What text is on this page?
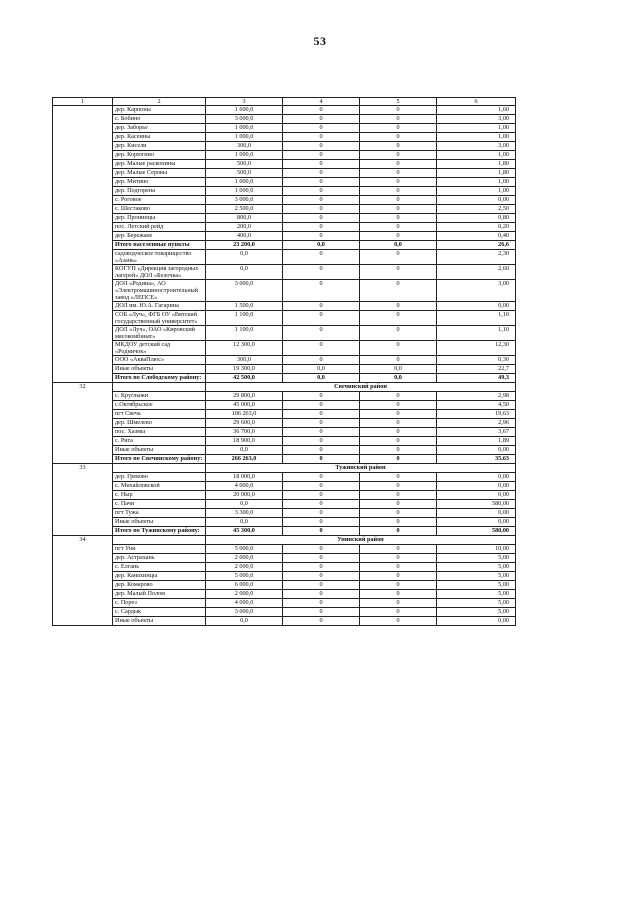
53
1	2	3	4	5	6
	дер. Карпоны	1 600,0	0	0	1,60
	с. Бобино	3 000,0	0	0	3,00
	дер. Заборье	1 000,0	0	0	1,00
	дер. Касеины	1 000,0	0	0	1,00
	дер. Кисели	300,0	0	0	3,00
	дер. Корюгино	1 000,0	0	0	1,00
	дер. Малые раскопины	500,0	0	0	1,80
	дер. Малые Серовы	500,0	0	0	1,80
	дер. Митино	1 000,0	0	0	1,00
	дер. Подгорена	1 000,0	0	0	1,00
	с. Роговое	3 000,0	0	0	0,00
	с. Шестаково	2 500,0	0	0	2,50
	дер. Пронинцы	800,0	0	0	0,80
	пос. Летский рейд	200,0	0	0	0,20
	дер. Бережане	400,0	0	0	0,40
	Итого населенные пункты	23 200,0	0,0	0,0	26,6
	садоводческое товарищество «Азань»	0,0	0	0	2,30
	КОГУП «Дирекция загородных лагерей» ДОЛ «Белочка»	0,0	0	0	2,60
	ДОЛ «Родина», АО «Электромашиностроительный завод «ЛЕПСЕ»	3 000,0	0	0	3,00
	ДОЛ им. Ю.А. Гагарина	1 500,0	0	0	0,00
	СОБ «Луч», ФГБ ОУ «Вятский государственный университет»	1 100,0	0	0	1,10
	ДОЛ «Луч», ОАО «Кировский мясокомбинат»	1 100,0	0	0	1,10
	МКДОУ детский сад «Родничок»	12 300,0	0	0	12,30
	ООО «АкваПлюс»	300,0	0	0	0,30
	Иные объекты	19 300,0	0,0	0,0	22,7
	Итого по Слободскому району:	42 500,0	0,0	0,0	49,3
32		Свечинский район			
	с. Круглыжи	29 800,0	0	0	2,98
	с.Октябрьское	45 000,0	0	0	4,50
	пгт Свеча	106 263,0	0	0	19,63
	дер. Шмелево	29 600,0	0	0	2,96
	пос. Хазмы	36 700,0	0	0	3,67
	с. Рига	18 900,0	0	0	1,89
	Иные объекты	0,0	0	0	0,00
	Итого по Свечинскому району:	266 263,0	0	0	35,63
33		Тужинский район			
	дер. Греково	18 000,0	0	0	0,00
	с. Михайловской	4 000,0	0	0	0,00
	с. Ныр	20 000,0	0	0	0,00
	с. Пачи	0,0	0	0	580,00
	пгт Тужа	3 300,0	0	0	0,00
	Иные объекты	0,0	0	0	0,00
	Итого по Тужинскому району:	45 300,0	0	0	580,00
34		Унинский район			
	пгт Уни	5 000,0	0	0	10,00
	дер. Астрахань	2 000,0	0	0	5,00
	с. Елгань	2 000,0	0	0	5,00
	дер. Канахинцы	5 000,0	0	0	5,00
	дер. Комарово	6 000,0	0	0	5,00
	дер. Малый Полом	2 000,0	0	0	5,00
	с. Порез	4 000,0	0	0	5,00
	с. Сардык	3 000,0	0	0	5,00
	Иные объекты	0,0	0	0	0,00
